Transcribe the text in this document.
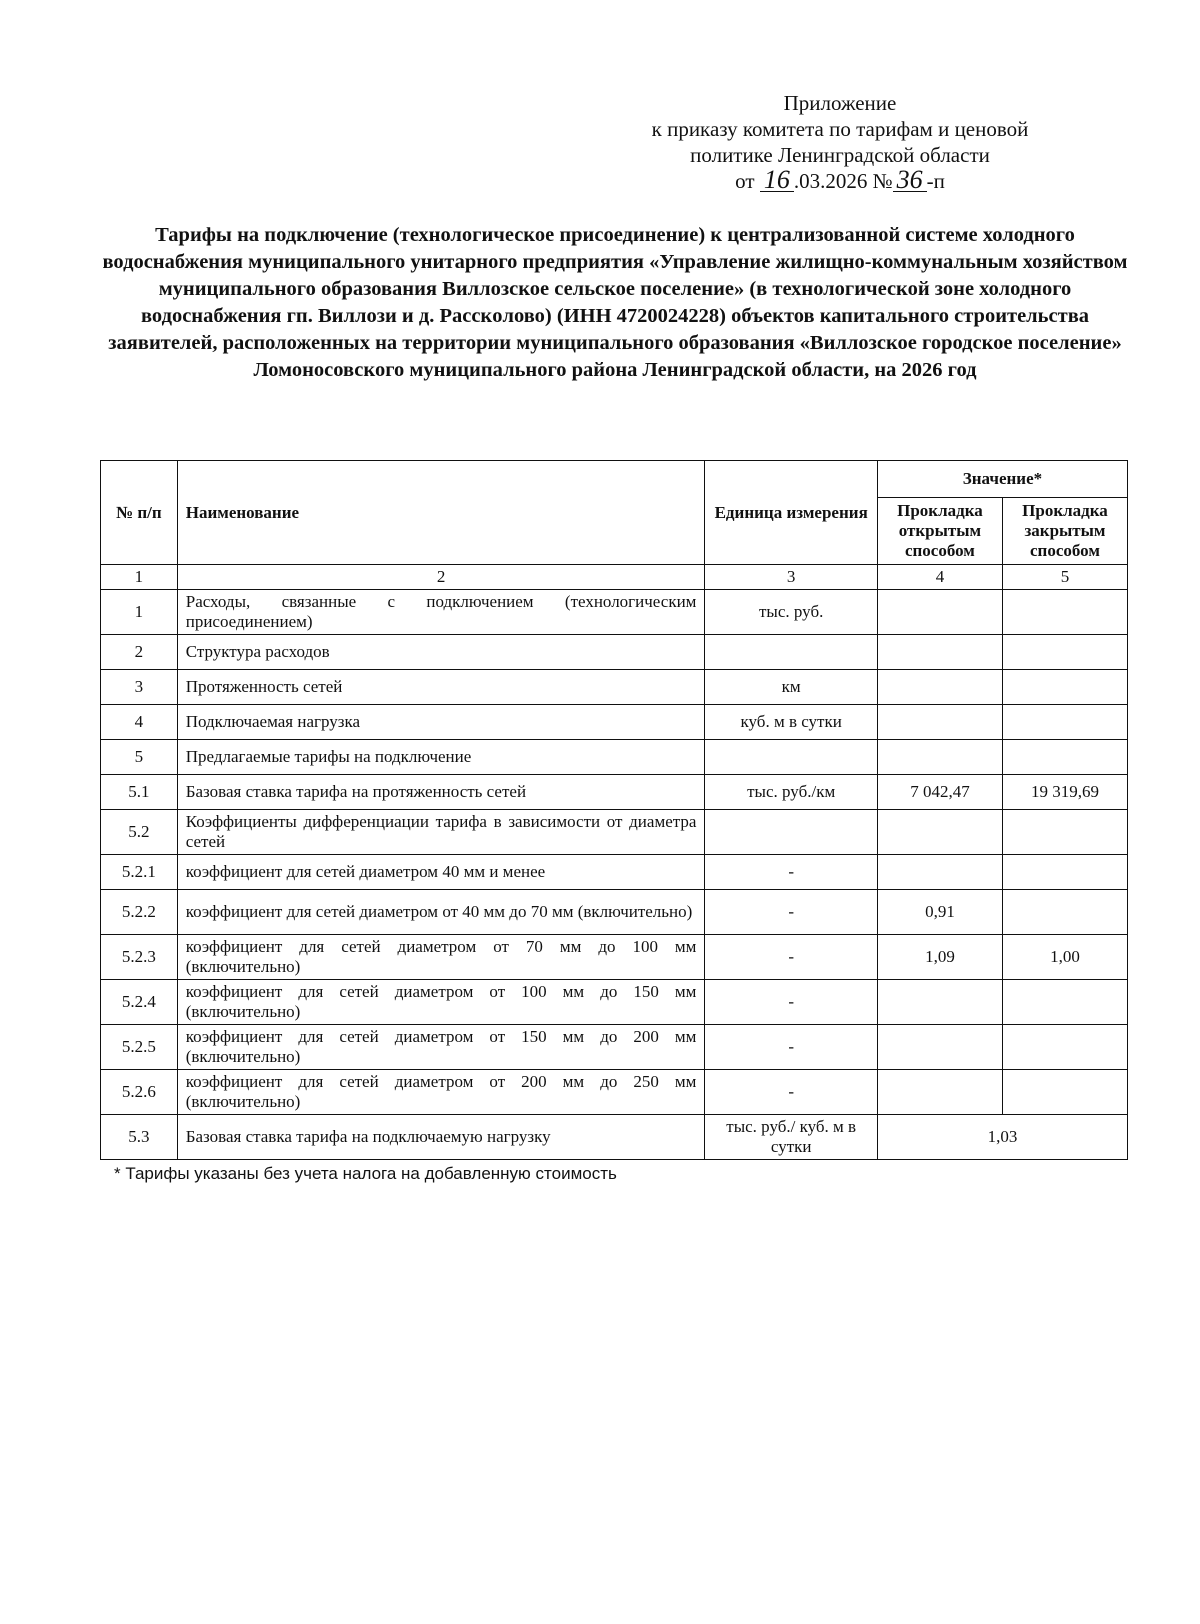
Приложение
к приказу комитета по тарифам и ценовой
политике Ленинградской области
от 16 .03.2026 № 36 -п
Тарифы на подключение (технологическое присоединение) к централизованной системе холодного водоснабжения муниципального унитарного предприятия «Управление жилищно-коммунальным хозяйством муниципального образования Виллозское сельское поселение» (в технологической зоне холодного водоснабжения гп. Виллози и д. Расскoлово) (ИНН 4720024228) объектов капитального строительства заявителей, расположенных на территории муниципального образования «Виллозское городское поселение» Ломоносовского муниципального района Ленинградской области, на 2026 год
№ п/п	Наименование	Единица измерения	Значение*	
			Прокладка открытым способом	Прокладка закрытым способом
1	2	3	4	5
1	Расходы, связанные с подключением (технологическим присоединением)	тыс. руб.		
2	Структура расходов			
3	Протяженность сетей	км		
4	Подключаемая нагрузка	куб. м в сутки		
5	Предлагаемые тарифы на подключение			
5.1	Базовая ставка тарифа на протяженность сетей	тыс. руб./км	7 042,47	19 319,69
5.2	Коэффициенты дифференциации тарифа в зависимости от диаметра сетей			
5.2.1	коэффициент для сетей диаметром 40 мм и менее	-		
5.2.2	коэффициент для сетей диаметром от 40 мм до 70 мм (включительно)	-	0,91	
5.2.3	коэффициент для сетей диаметром от 70 мм до 100 мм (включительно)	-	1,09	1,00
5.2.4	коэффициент для сетей диаметром от 100 мм до 150 мм (включительно)	-		
5.2.5	коэффициент для сетей диаметром от 150 мм до 200 мм (включительно)	-		
5.2.6	коэффициент для сетей диаметром от 200 мм до 250 мм (включительно)	-		
5.3	Базовая ставка тарифа на подключаемую нагрузку	тыс. руб./ куб. м в сутки	1,03	
* Тарифы указаны без учета налога на добавленную стоимость
